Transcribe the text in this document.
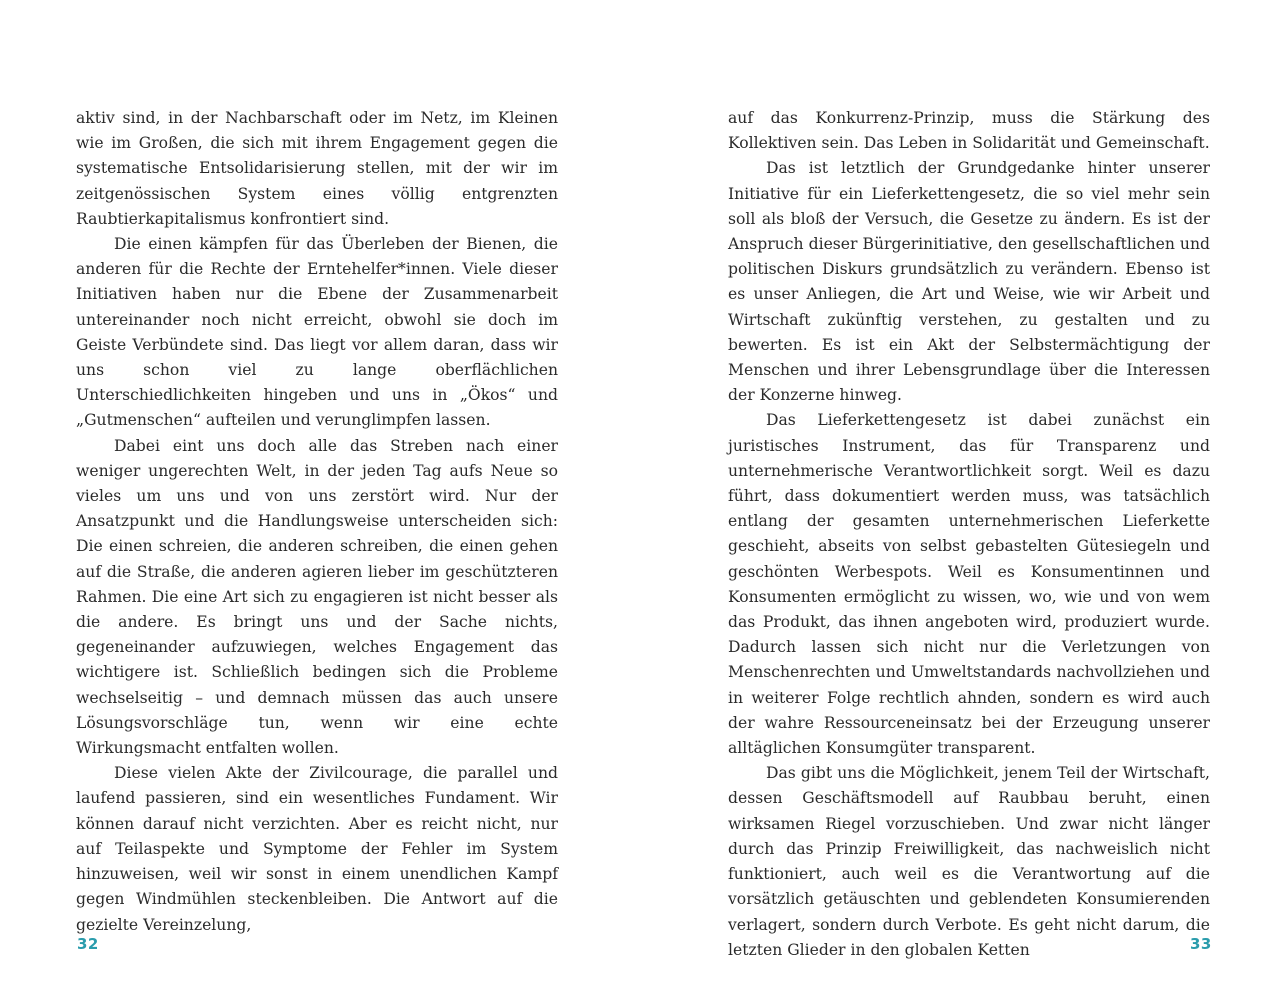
aktiv sind, in der Nachbarschaft oder im Netz, im Kleinen wie im Großen, die sich mit ihrem Engagement gegen die systematische Entsolidarisierung stellen, mit der wir im zeitgenössischen System eines völlig entgrenzten Raubtierkapitalismus konfrontiert sind.

Die einen kämpfen für das Überleben der Bienen, die anderen für die Rechte der Erntehelfer*innen. Viele dieser Initiativen haben nur die Ebene der Zusammenarbeit untereinander noch nicht erreicht, obwohl sie doch im Geiste Verbündete sind. Das liegt vor allem daran, dass wir uns schon viel zu lange oberflächlichen Unterschiedlichkeiten hingeben und uns in „Ökos“ und „Gutmenschen“ aufteilen und verunglimpfen lassen.

Dabei eint uns doch alle das Streben nach einer weniger ungerechten Welt, in der jeden Tag aufs Neue so vieles um uns und von uns zerstört wird. Nur der Ansatzpunkt und die Handlungsweise unterscheiden sich: Die einen schreien, die anderen schreiben, die einen gehen auf die Straße, die anderen agieren lieber im geschützteren Rahmen. Die eine Art sich zu engagieren ist nicht besser als die andere. Es bringt uns und der Sache nichts, gegeneinander aufzuwiegen, welches Engagement das wichtigere ist. Schließlich bedingen sich die Probleme wechselseitig – und demnach müssen das auch unsere Lösungsvorschläge tun, wenn wir eine echte Wirkungsmacht entfalten wollen.

Diese vielen Akte der Zivilcourage, die parallel und laufend passieren, sind ein wesentliches Fundament. Wir können darauf nicht verzichten. Aber es reicht nicht, nur auf Teilaspekte und Symptome der Fehler im System hinzuweisen, weil wir sonst in einem unendlichen Kampf gegen Windmühlen steckenbleiben. Die Antwort auf die gezielte Vereinzelung,

32

auf das Konkurrenz-Prinzip, muss die Stärkung des Kollektiven sein. Das Leben in Solidarität und Gemeinschaft.

Das ist letztlich der Grundgedanke hinter unserer Initiative für ein Lieferkettengesetz, die so viel mehr sein soll als bloß der Versuch, die Gesetze zu ändern. Es ist der Anspruch dieser Bürgerinitiative, den gesellschaftlichen und politischen Diskurs grundsätzlich zu verändern. Ebenso ist es unser Anliegen, die Art und Weise, wie wir Arbeit und Wirtschaft zukünftig verstehen, zu gestalten und zu bewerten. Es ist ein Akt der Selbstermächtigung der Menschen und ihrer Lebensgrundlage über die Interessen der Konzerne hinweg.

Das Lieferkettengesetz ist dabei zunächst ein juristisches Instrument, das für Transparenz und unternehmerische Verantwortlichkeit sorgt. Weil es dazu führt, dass dokumentiert werden muss, was tatsächlich entlang der gesamten unternehmerischen Lieferkette geschieht, abseits von selbst gebastelten Gütesiegeln und geschönten Werbespots. Weil es Konsumentinnen und Konsumenten ermöglicht zu wissen, wo, wie und von wem das Produkt, das ihnen angeboten wird, produziert wurde. Dadurch lassen sich nicht nur die Verletzungen von Menschenrechten und Umweltstandards nachvollziehen und in weiterer Folge rechtlich ahnden, sondern es wird auch der wahre Ressourceneinsatz bei der Erzeugung unserer alltäglichen Konsumgüter transparent.

Das gibt uns die Möglichkeit, jenem Teil der Wirtschaft, dessen Geschäftsmodell auf Raubbau beruht, einen wirksamen Riegel vorzuschieben. Und zwar nicht länger durch das Prinzip Freiwilligkeit, das nachweislich nicht funktioniert, auch weil es die Verantwortung auf die vorsätzlich getäuschten und geblendeten Konsumierenden verlagert, sondern durch Verbote. Es geht nicht darum, die letzten Glieder in den globalen Ketten	33
